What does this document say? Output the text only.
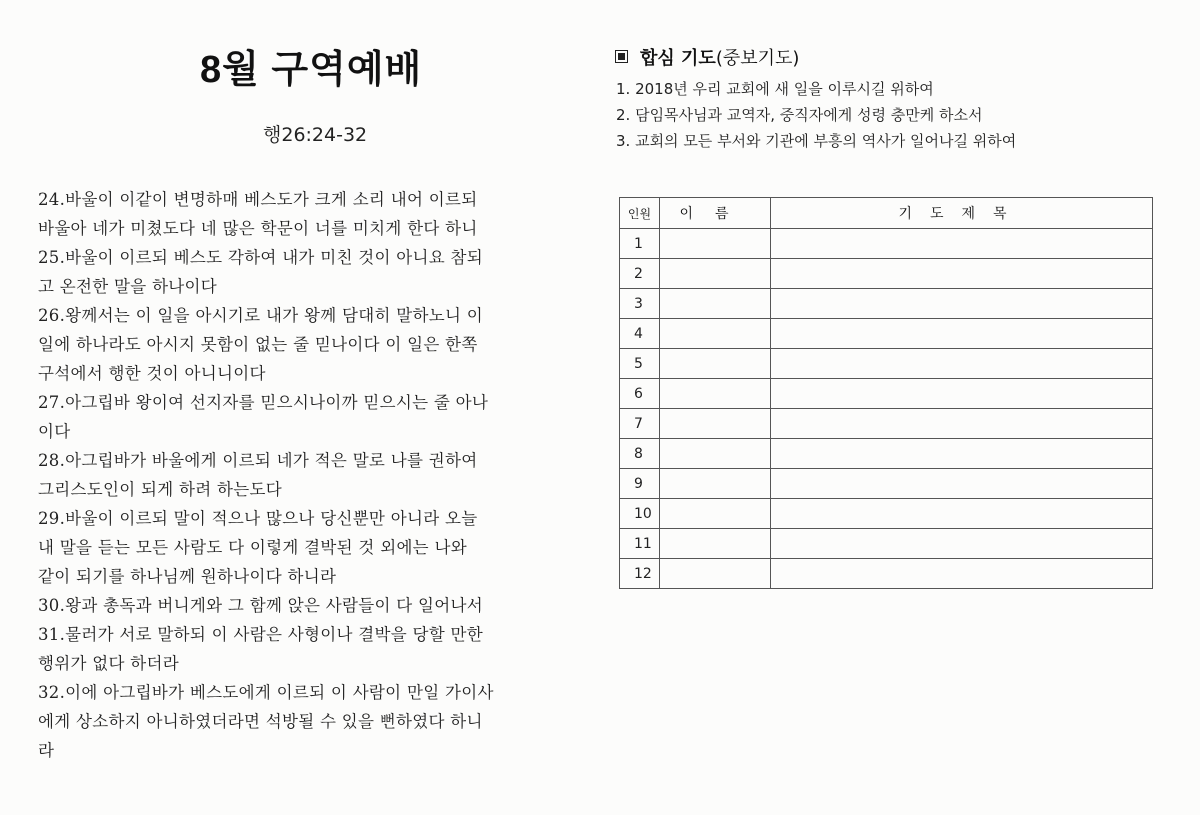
8월 구역예배
행26:24-32
24.바울이 이같이 변명하매 베스도가 크게 소리 내어 이르되
바울아 네가 미쳤도다 네 많은 학문이 너를 미치게 한다 하니
25.바울이 이르되 베스도 각하여 내가 미친 것이 아니요 참되
고 온전한 말을 하나이다
26.왕께서는 이 일을 아시기로 내가 왕께 담대히 말하노니 이
일에 하나라도 아시지 못함이 없는 줄 믿나이다 이 일은 한쪽
구석에서 행한 것이 아니니이다
27.아그립바 왕이여 선지자를 믿으시나이까 믿으시는 줄 아나
이다
28.아그립바가 바울에게 이르되 네가 적은 말로 나를 권하여
그리스도인이 되게 하려 하는도다
29.바울이 이르되 말이 적으나 많으나 당신뿐만 아니라 오늘
내 말을 듣는 모든 사람도 다 이렇게 결박된 것 외에는 나와
같이 되기를 하나님께 원하나이다 하니라
30.왕과 총독과 버니게와 그 함께 앉은 사람들이 다 일어나서
31.물러가 서로 말하되 이 사람은 사형이나 결박을 당할 만한
행위가 없다 하더라
32.이에 아그립바가 베스도에게 이르되 이 사람이 만일 가이사
에게 상소하지 아니하였더라면 석방될 수 있을 뻔하였다 하니
라
합심 기도(중보기도)
1. 2018년 우리 교회에 새 일을 이루시길 위하여
2. 담임목사님과 교역자, 중직자에게 성령 충만케 하소서
3. 교회의 모든 부서와 기관에 부흥의 역사가 일어나길 위하여
인원	이름	기도제목
1		
2		
3		
4		
5		
6		
7		
8		
9		
10		
11		
12		
